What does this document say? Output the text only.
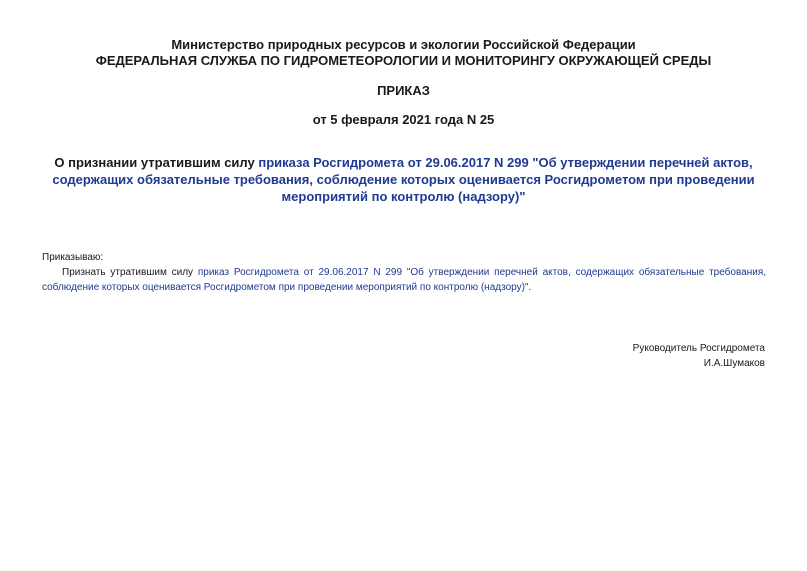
Министерство природных ресурсов и экологии Российской Федерации
ФЕДЕРАЛЬНАЯ СЛУЖБА ПО ГИДРОМЕТЕОРОЛОГИИ И МОНИТОРИНГУ ОКРУЖАЮЩЕЙ СРЕДЫ
ПРИКАЗ
от 5 февраля 2021 года N 25
О признании утратившим силу приказа Росгидромета от 29.06.2017 N 299 "Об утверждении перечней актов, содержащих обязательные требования, соблюдение которых оценивается Росгидрометом при проведении мероприятий по контролю (надзору)"
Приказываю:
Признать утратившим силу приказ Росгидромета от 29.06.2017 N 299 "Об утверждении перечней актов, содержащих обязательные требования, соблюдение которых оценивается Росгидрометом при проведении мероприятий по контролю (надзору)".
Руководитель Росгидромета
И.А.Шумаков
